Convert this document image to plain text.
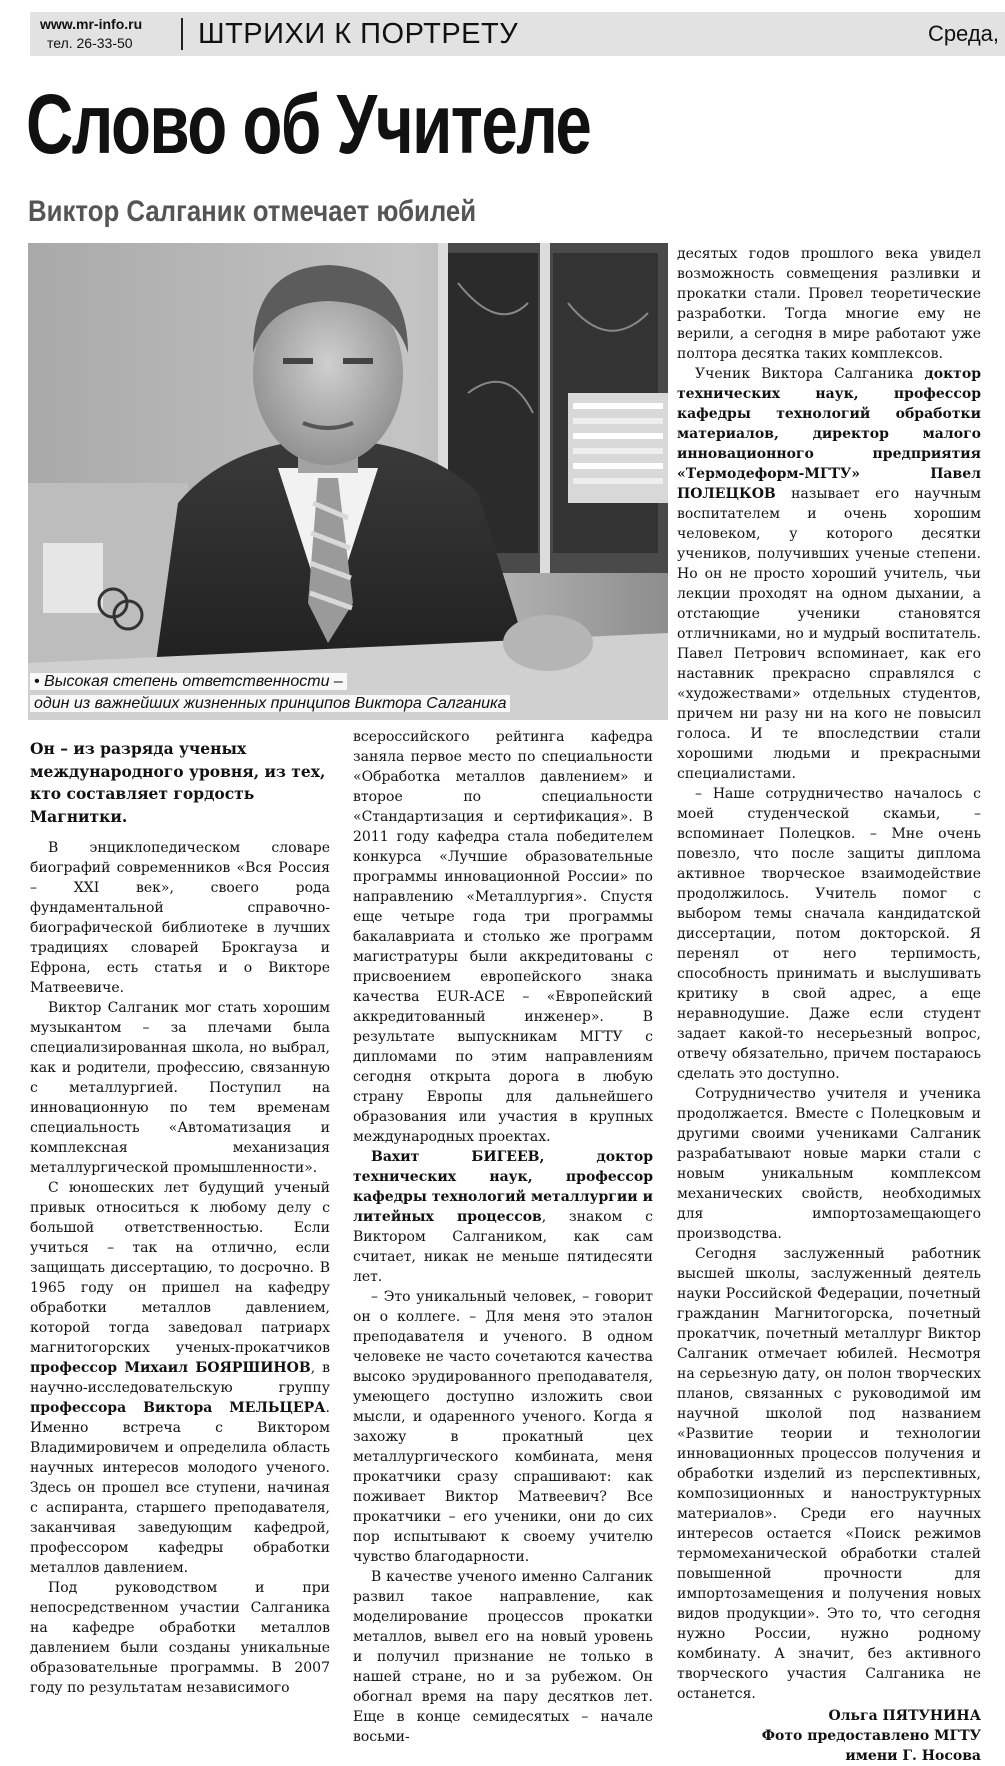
www.mr-info.ru
тел. 26-33-50 ШТРИХИ К ПОРТРЕТУ	Среда,
Слово об Учителе
Виктор Салганик отмечает юбилей
• Высокая степень ответственности –
один из важнейших жизненных принципов Виктора Салганика
Он – из разряда ученых международного уровня, из тех, кто составляет гордость Магнитки.

В энциклопедическом словаре биографий современников «Вся Россия – XXI век», своего рода фундаментальной справочно-биографической библиотеке в лучших традициях словарей Брокгауза и Ефрона, есть статья и о Викторе Матвеевиче.

Виктор Салганик мог стать хорошим музыкантом – за плечами была специализированная школа, но выбрал, как и родители, профессию, связанную с металлургией. Поступил на инновационную по тем временам специальность «Автоматизация и комплексная механизация металлургической промышленности».

С юношеских лет будущий ученый привык относиться к любому делу с большой ответственностью. Если учиться – так на отлично, если защищать диссертацию, то досрочно. В 1965 году он пришел на кафедру обработки металлов давлением, которой тогда заведовал патриарх магнитогорских ученых-прокатчиков профессор Михаил БОЯРШИНОВ, в научно-исследовательскую группу профессора Виктора МЕЛЬЦЕРА. Именно встреча с Виктором Владимировичем и определила область научных интересов молодого ученого. Здесь он прошел все ступени, начиная с аспиранта, старшего преподавателя, заканчивая заведующим кафедрой, профессором кафедры обработки металлов давлением.

Под руководством и при непосредственном участии Салганика на кафедре обработки металлов давлением были созданы уникальные образовательные программы. В 2007 году по результатам независимого

всероссийского рейтинга кафедра заняла первое место по специальности «Обработка металлов давлением» и второе по специальности «Стандартизация и сертификация». В 2011 году кафедра стала победителем конкурса «Лучшие образовательные программы инновационной России» по направлению «Металлургия». Спустя еще четыре года три программы бакалавриата и столько же программ магистратуры были аккредитованы с присвоением европейского знака качества EUR-ACE – «Европейский аккредитованный инженер». В результате выпускникам МГТУ с дипломами по этим направлениям сегодня открыта дорога в любую страну Европы для дальнейшего образования или участия в крупных международных проектах.

Вахит БИГЕЕВ, доктор технических наук, профессор кафедры технологий металлургии и литейных процессов, знаком с Виктором Салгаником, как сам считает, никак не меньше пятидесяти лет.

– Это уникальный человек, – говорит он о коллеге. – Для меня это эталон преподавателя и ученого. В одном человеке не часто сочетаются качества высоко эрудированного преподавателя, умеющего доступно изложить свои мысли, и одаренного ученого. Когда я захожу в прокатный цех металлургического комбината, меня прокатчики сразу спрашивают: как поживает Виктор Матвеевич? Все прокатчики – его ученики, они до сих пор испытывают к своему учителю чувство благодарности.

В качестве ученого именно Салганик развил такое направление, как моделирование процессов прокатки металлов, вывел его на новый уровень и получил признание не только в нашей стране, но и за рубежом. Он обогнал время на пару десятков лет. Еще в конце семидесятых – начале восьми-

десятых годов прошлого века увидел возможность совмещения разливки и прокатки стали. Провел теоретические разработки. Тогда многие ему не верили, а сегодня в мире работают уже полтора десятка таких комплексов.

Ученик Виктора Салганика доктор технических наук, профессор кафедры технологий обработки материалов, директор малого инновационного предприятия «Термодеформ-МГТУ» Павел ПОЛЕЦКОВ называет его научным воспитателем и очень хорошим человеком, у которого десятки учеников, получивших ученые степени. Но он не просто хороший учитель, чьи лекции проходят на одном дыхании, а отстающие ученики становятся отличниками, но и мудрый воспитатель. Павел Петрович вспоминает, как его наставник прекрасно справлялся с «художествами» отдельных студентов, причем ни разу ни на кого не повысил голоса. И те впоследствии стали хорошими людьми и прекрасными специалистами.

– Наше сотрудничество началось с моей студенческой скамьи, – вспоминает Полецков. – Мне очень повезло, что после защиты диплома активное творческое взаимодействие продолжилось. Учитель помог с выбором темы сначала кандидатской диссертации, потом докторской. Я перенял от него терпимость, способность принимать и выслушивать критику в свой адрес, а еще неравнодушие. Даже если студент задает какой-то несерьезный вопрос, отвечу обязательно, причем постараюсь сделать это доступно.

Сотрудничество учителя и ученика продолжается. Вместе с Полецковым и другими своими учениками Салганик разрабатывают новые марки стали с новым уникальным комплексом механических свойств, необходимых для импортозамещающего производства.

Сегодня заслуженный работник высшей школы, заслуженный деятель науки Российской Федерации, почетный гражданин Магнитогорска, почетный прокатчик, почетный металлург Виктор Салганик отмечает юбилей. Несмотря на серьезную дату, он полон творческих планов, связанных с руководимой им научной школой под названием «Развитие теории и технологии инновационных процессов получения и обработки изделий из перспективных, композиционных и наноструктурных материалов». Среди его научных интересов остается «Поиск режимов термомеханической обработки сталей повышенной прочности для импортозамещения и получения новых видов продукции». Это то, что сегодня нужно России, нужно родному комбинату. А значит, без активного творческого участия Салганика не останется.

Ольга ПЯТУНИНА
Фото предоставлено МГТУ
имени Г. Носова
